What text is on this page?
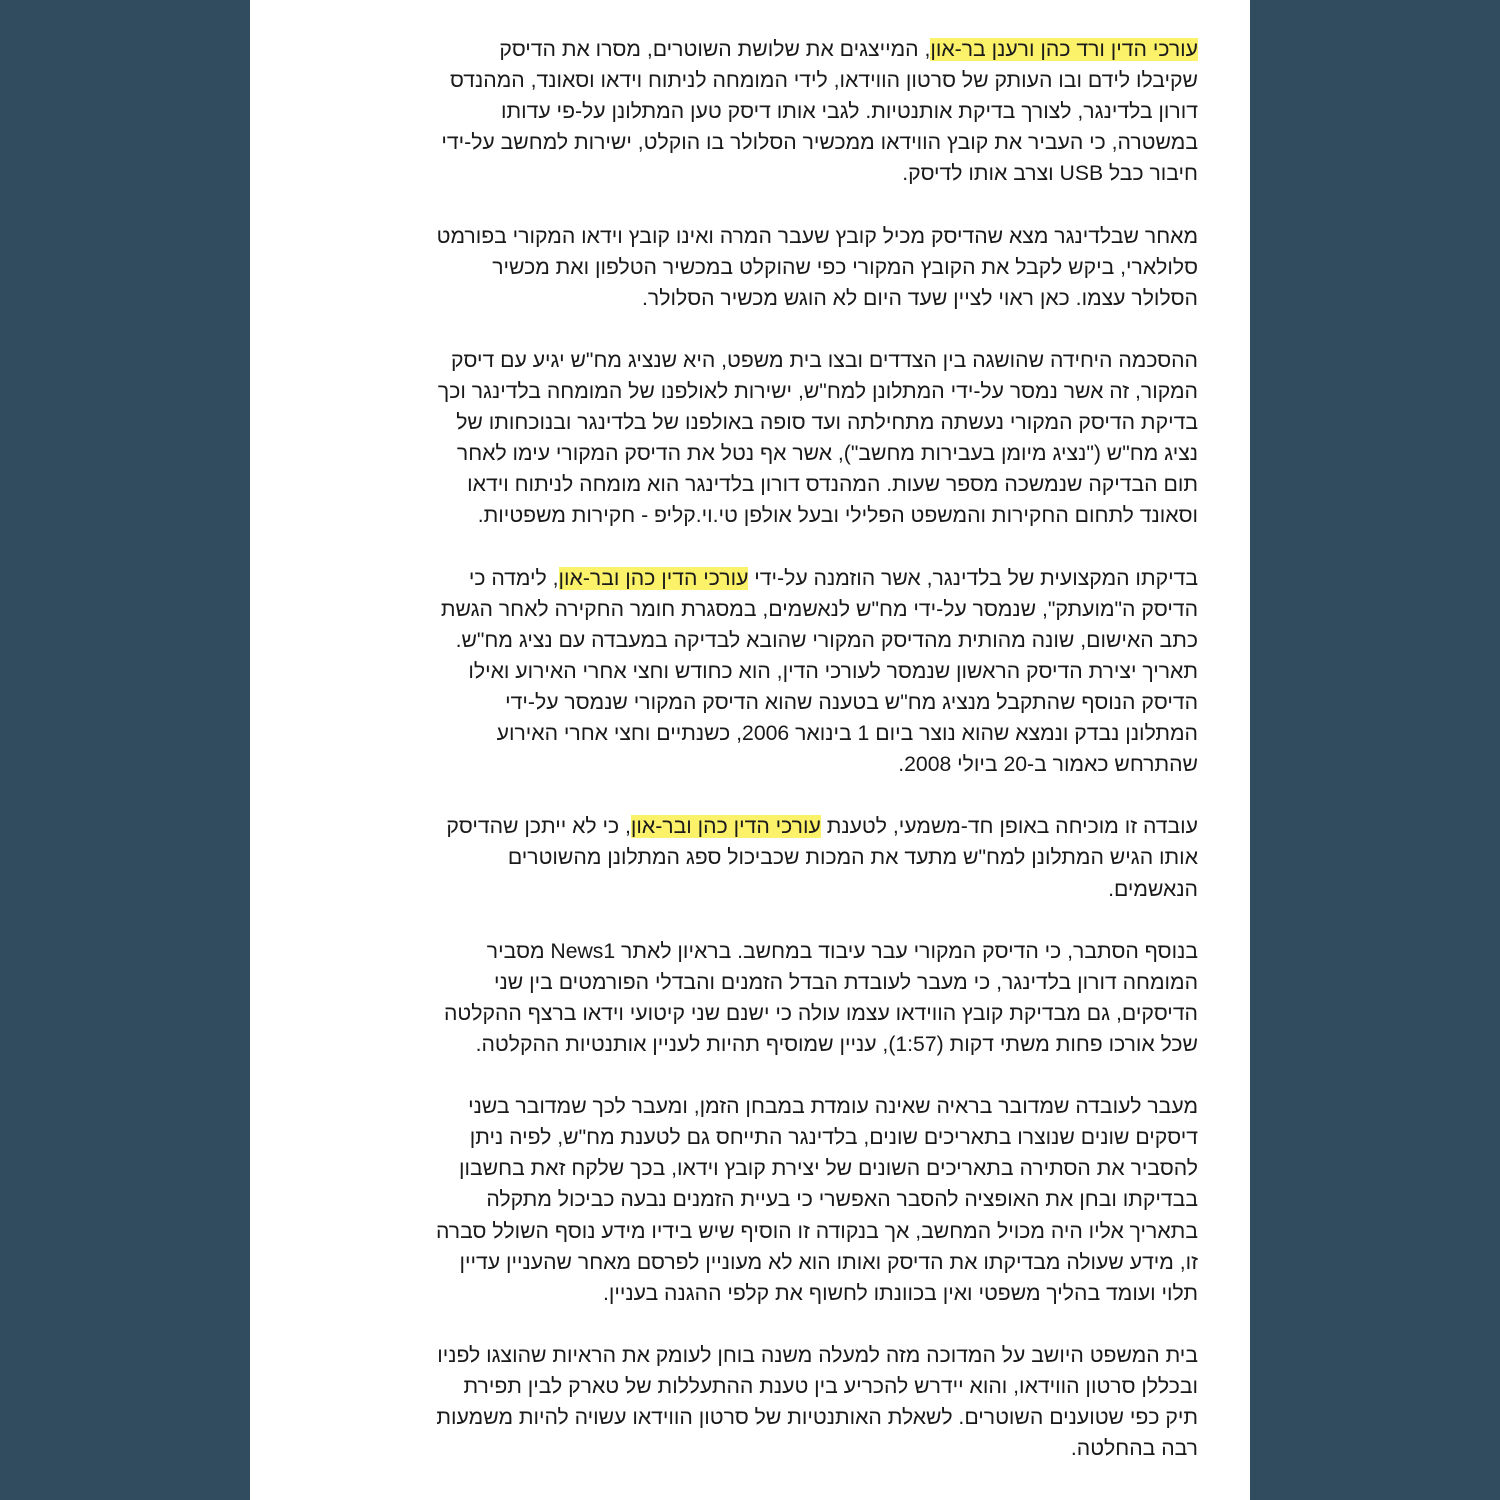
עורכי הדין ורד כהן ורענן בר-און, המייצגים את שלושת השוטרים, מסרו את הדיסק
שקיבלו לידם ובו העותק של סרטון הווידאו, לידי המומחה לניתוח וידאו וסאונד, המהנדס
דורון בלדינגר, לצורך בדיקת אותנטיות. לגבי אותו דיסק טען המתלונן על-פי עדותו
במשטרה, כי העביר את קובץ הווידאו ממכשיר הסלולר בו הוקלט, ישירות למחשב על-ידי
חיבור כבל USB וצרב אותו לדיסק.

מאחר שבלדינגר מצא שהדיסק מכיל קובץ שעבר המרה ואינו קובץ וידאו המקורי בפורמט
סלולארי, ביקש לקבל את הקובץ המקורי כפי שהוקלט במכשיר הטלפון ואת מכשיר
הסלולר עצמו. כאן ראוי לציין שעד היום לא הוגש מכשיר הסלולר.

ההסכמה היחידה שהושגה בין הצדדים ובצו בית משפט, היא שנציג מח"ש יגיע עם דיסק
המקור, זה אשר נמסר על-ידי המתלונן למח"ש, ישירות לאולפנו של המומחה בלדינגר וכך
בדיקת הדיסק המקורי נעשתה מתחילתה ועד סופה באולפנו של בלדינגר ובנוכחותו של
נציג מח"ש ("נציג מיומן בעבירות מחשב"), אשר אף נטל את הדיסק המקורי עימו לאחר
תום הבדיקה שנמשכה מספר שעות. המהנדס דורון בלדינגר הוא מומחה לניתוח וידאו
וסאונד לתחום החקירות והמשפט הפלילי ובעל אולפן טי.וי.קליפ - חקירות משפטיות.

בדיקתו המקצועית של בלדינגר, אשר הוזמנה על-ידי עורכי הדין כהן ובר-און, לימדה כי
הדיסק ה"מועתק", שנמסר על-ידי מח"ש לנאשמים, במסגרת חומר החקירה לאחר הגשת
כתב האישום, שונה מהותית מהדיסק המקורי שהובא לבדיקה במעבדה עם נציג מח"ש.
תאריך יצירת הדיסק הראשון שנמסר לעורכי הדין, הוא כחודש וחצי אחרי האירוע ואילו
הדיסק הנוסף שהתקבל מנציג מח"ש בטענה שהוא הדיסק המקורי שנמסר על-ידי
המתלונן נבדק ונמצא שהוא נוצר ביום 1 בינואר 2006, כשנתיים וחצי אחרי האירוע
שהתרחש כאמור ב-20 ביולי 2008.

עובדה זו מוכיחה באופן חד-משמעי, לטענת עורכי הדין כהן ובר-און, כי לא ייתכן שהדיסק
אותו הגיש המתלונן למח"ש מתעד את המכות שכביכול ספג המתלונן מהשוטרים
הנאשמים.

בנוסף הסתבר, כי הדיסק המקורי עבר עיבוד במחשב. בראיון לאתר News1 מסביר
המומחה דורון בלדינגר, כי מעבר לעובדת הבדל הזמנים והבדלי הפורמטים בין שני
הדיסקים, גם מבדיקת קובץ הווידאו עצמו עולה כי ישנם שני קיטועי וידאו ברצף ההקלטה
שכל אורכו פחות משתי דקות (1:57), עניין שמוסיף תהיות לעניין אותנטיות ההקלטה.

מעבר לעובדה שמדובר בראיה שאינה עומדת במבחן הזמן, ומעבר לכך שמדובר בשני
דיסקים שונים שנוצרו בתאריכים שונים, בלדינגר התייחס גם לטענת מח"ש, לפיה ניתן
להסביר את הסתירה בתאריכים השונים של יצירת קובץ וידאו, בכך שלקח זאת בחשבון
בבדיקתו ובחן את האופציה להסבר האפשרי כי בעיית הזמנים נבעה כביכול מתקלה
בתאריך אליו היה מכויל המחשב, אך בנקודה זו הוסיף שיש בידיו מידע נוסף השולל סברה
זו, מידע שעולה מבדיקתו את הדיסק ואותו הוא לא מעוניין לפרסם מאחר שהעניין עדיין
תלוי ועומד בהליך משפטי ואין בכוונתו לחשוף את קלפי ההגנה בעניין.

בית המשפט היושב על המדוכה מזה למעלה משנה בוחן לעומק את הראיות שהוצגו לפניו
ובכללן סרטון הווידאו, והוא יידרש להכריע בין טענת ההתעללות של טארק לבין תפירת
תיק כפי שטוענים השוטרים. לשאלת האותנטיות של סרטון הווידאו עשויה להיות משמעות
רבה בהחלטה.
